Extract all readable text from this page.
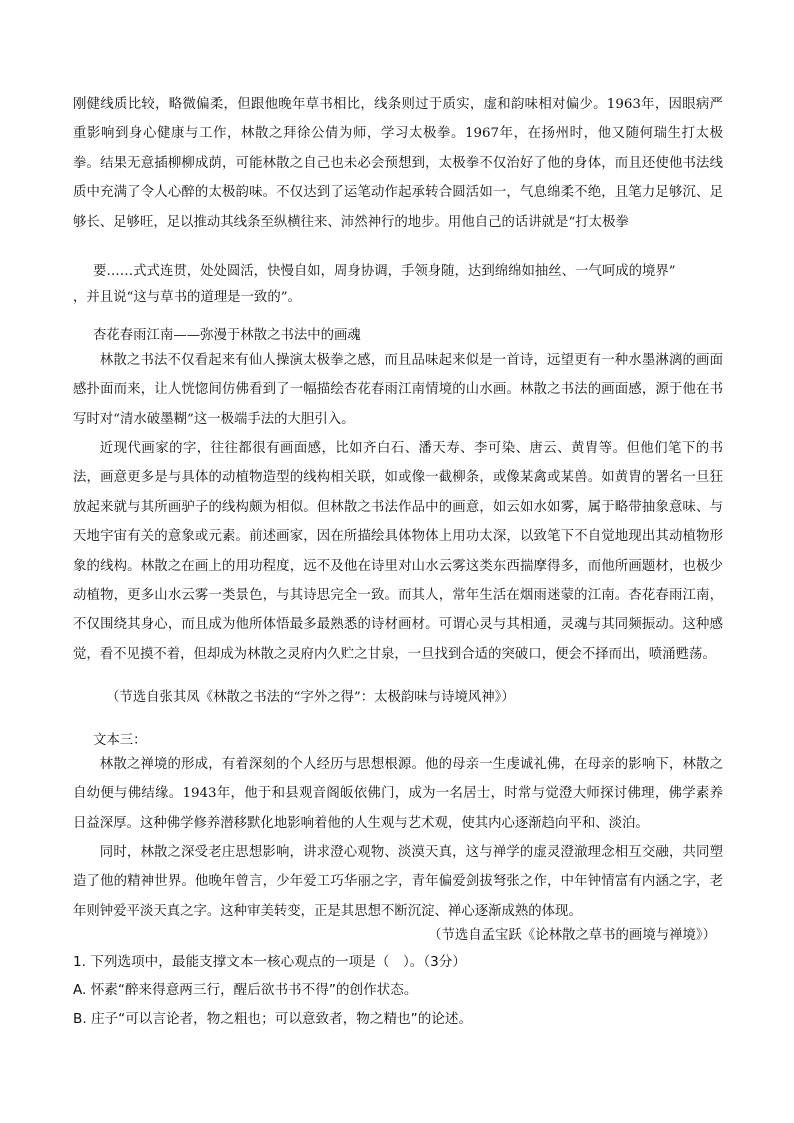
刚健线质比较，略微偏柔，但跟他晚年草书相比，线条则过于质实，虚和韵味相对偏少。1963年，因眼病严重影响到身心健康与工作，林散之拜徐公倩为师，学习太极拳。1967年，在扬州时，他又随何瑞生打太极拳。结果无意插柳柳成荫，可能林散之自己也未必会预想到，太极拳不仅治好了他的身体，而且还使他书法线质中充满了令人心醉的太极韵味。不仅达到了运笔动作起承转合圆活如一，气息绵柔不绝，且笔力足够沉、足够长、足够旺，足以推动其线条至纵横往来、沛然神行的地步。用他自己的话讲就是“打太极拳

要……式式连贯，处处圆活，快慢自如，周身协调，手领身随，达到绵绵如抽丝、一气呵成的境界”

，并且说“这与草书的道理是一致的”。

杏花春雨江南——弥漫于林散之书法中的画魂

林散之书法不仅看起来有仙人操演太极拳之感，而且品味起来似是一首诗，远望更有一种水墨淋漓的画面感扑面而来，让人恍惚间仿佛看到了一幅描绘杏花春雨江南情境的山水画。林散之书法的画面感，源于他在书写时对“清水破墨糊”这一极端手法的大胆引入。

近现代画家的字，往往都很有画面感，比如齐白石、潘天寿、李可染、唐云、黄胄等。但他们笔下的书法，画意更多是与具体的动植物造型的线构相关联，如或像一截柳条，或像某禽或某兽。如黄胄的署名一旦狂放起来就与其所画驴子的线构颇为相似。但林散之书法作品中的画意，如云如水如雾，属于略带抽象意味、与天地宇宙有关的意象或元素。前述画家，因在所描绘具体物体上用功太深，以致笔下不自觉地现出其动植物形象的线构。林散之在画上的用功程度，远不及他在诗里对山水云雾这类东西揣摩得多，而他所画题材，也极少动植物，更多山水云雾一类景色，与其诗思完全一致。而其人，常年生活在烟雨迷蒙的江南。杏花春雨江南，不仅围绕其身心，而且成为他所体悟最多最熟悉的诗材画材。可谓心灵与其相通，灵魂与其同频振动。这种感觉，看不见摸不着，但却成为林散之灵府内久贮之甘泉，一旦找到合适的突破口，便会不择而出，喷涌甦荡。

（节选自张其凤《林散之书法的“字外之得”：太极韵味与诗境风神》）

文本三：

林散之禅境的形成，有着深刻的个人经历与思想根源。他的母亲一生虔诚礼佛，在母亲的影响下，林散之自幼便与佛结缘。1943年，他于和县观音阁皈依佛门，成为一名居士，时常与觉澄大师探讨佛理，佛学素养日益深厚。这种佛学修养潜移默化地影响着他的人生观与艺术观，使其内心逐渐趋向平和、淡泊。

同时，林散之深受老庄思想影响，讲求澄心观物、淡漠天真，这与禅学的虚灵澄澈理念相互交融，共同塑造了他的精神世界。他晚年曾言，少年爱工巧华丽之字，青年偏爱剑拔弩张之作，中年钟情富有内涵之字，老年则钟爱平淡天真之字。这种审美转变，正是其思想不断沉淀、禅心逐渐成熟的体现。

（节选自孟宝跃《论林散之草书的画境与禅境》）

1. 下列选项中，最能支撑文本一核心观点的一项是（　）。（3分）

A. 怀素“醉来得意两三行，醒后欲书书不得”的创作状态。

B. 庄子“可以言论者，物之粗也；可以意致者，物之精也”的论述。
